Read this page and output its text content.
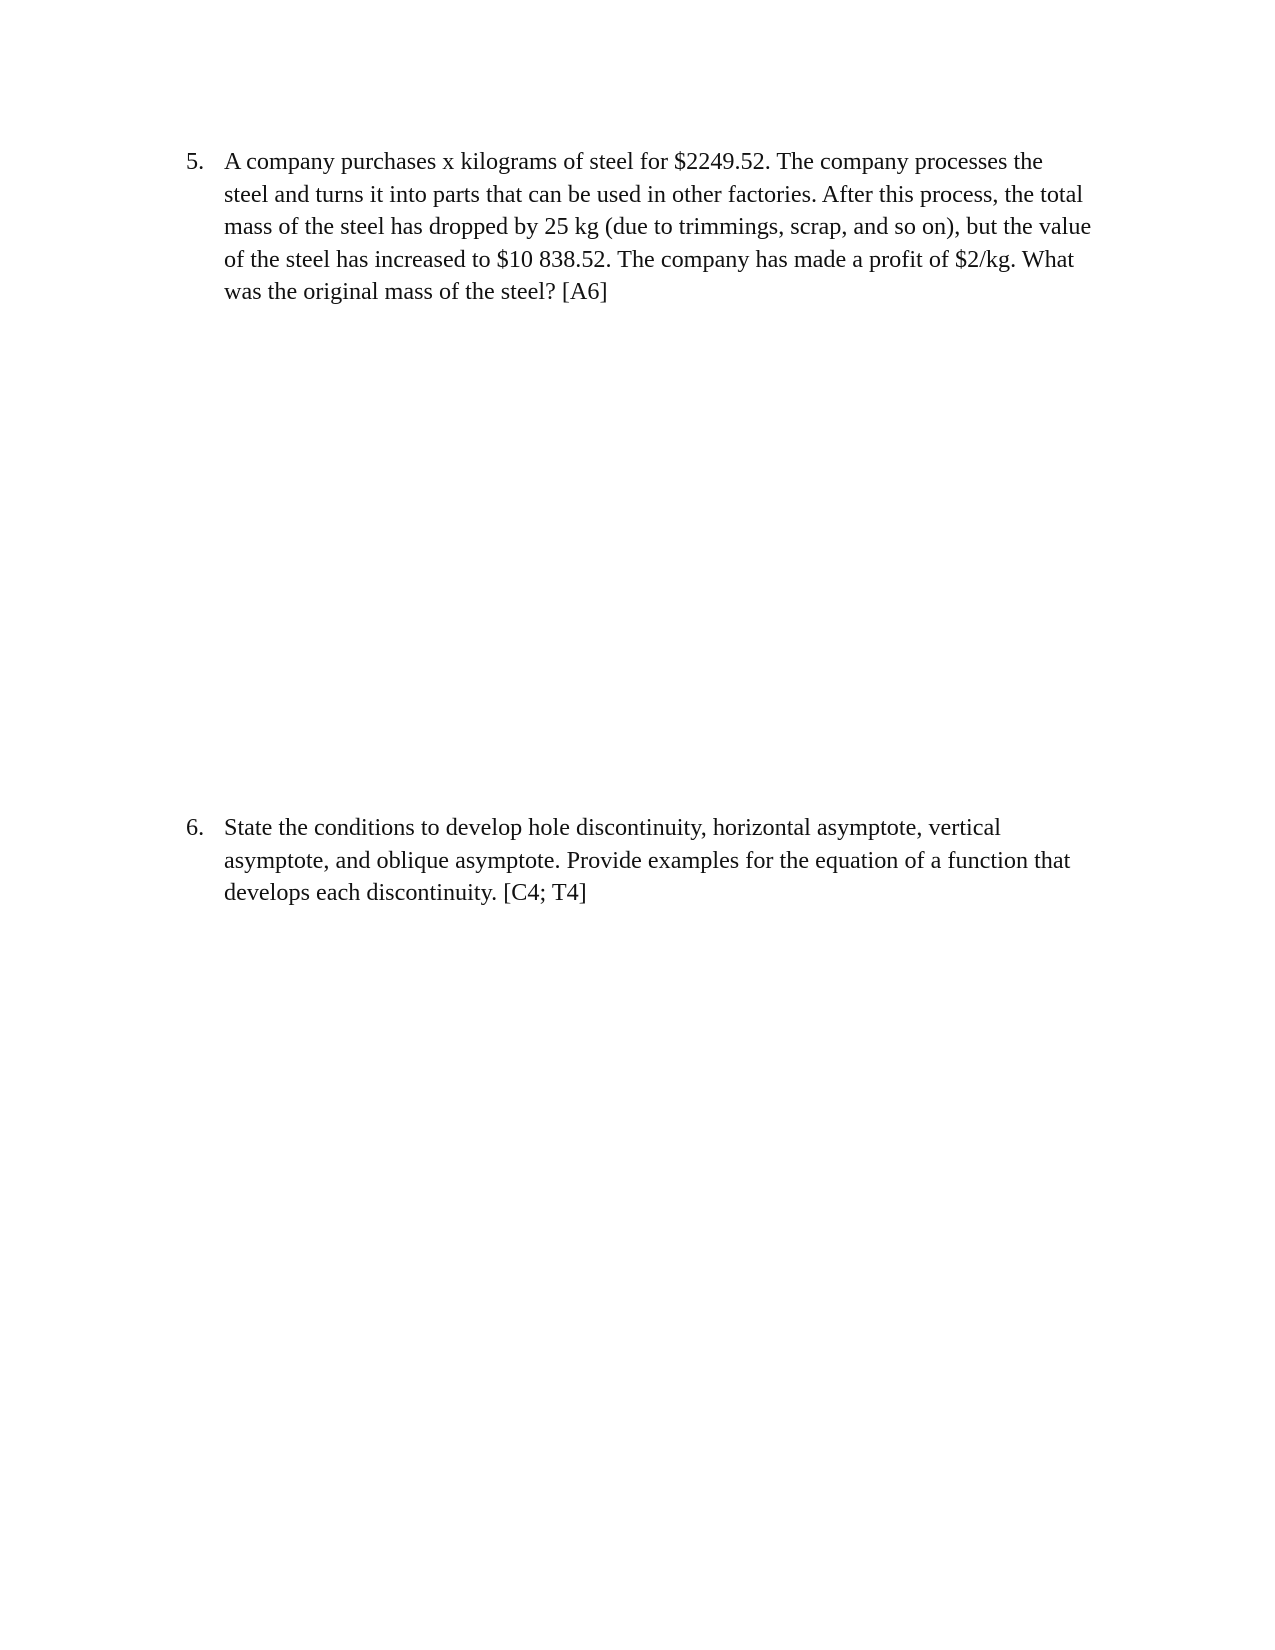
5. A company purchases x kilograms of steel for $2249.52. The company processes the
steel and turns it into parts that can be used in other factories. After this process, the total
mass of the steel has dropped by 25 kg (due to trimmings, scrap, and so on), but the value
of the steel has increased to $10 838.52. The company has made a profit of $2/kg. What
was the original mass of the steel? [A6]
6. State the conditions to develop hole discontinuity, horizontal asymptote, vertical
asymptote, and oblique asymptote. Provide examples for the equation of a function that
develops each discontinuity. [C4; T4]
